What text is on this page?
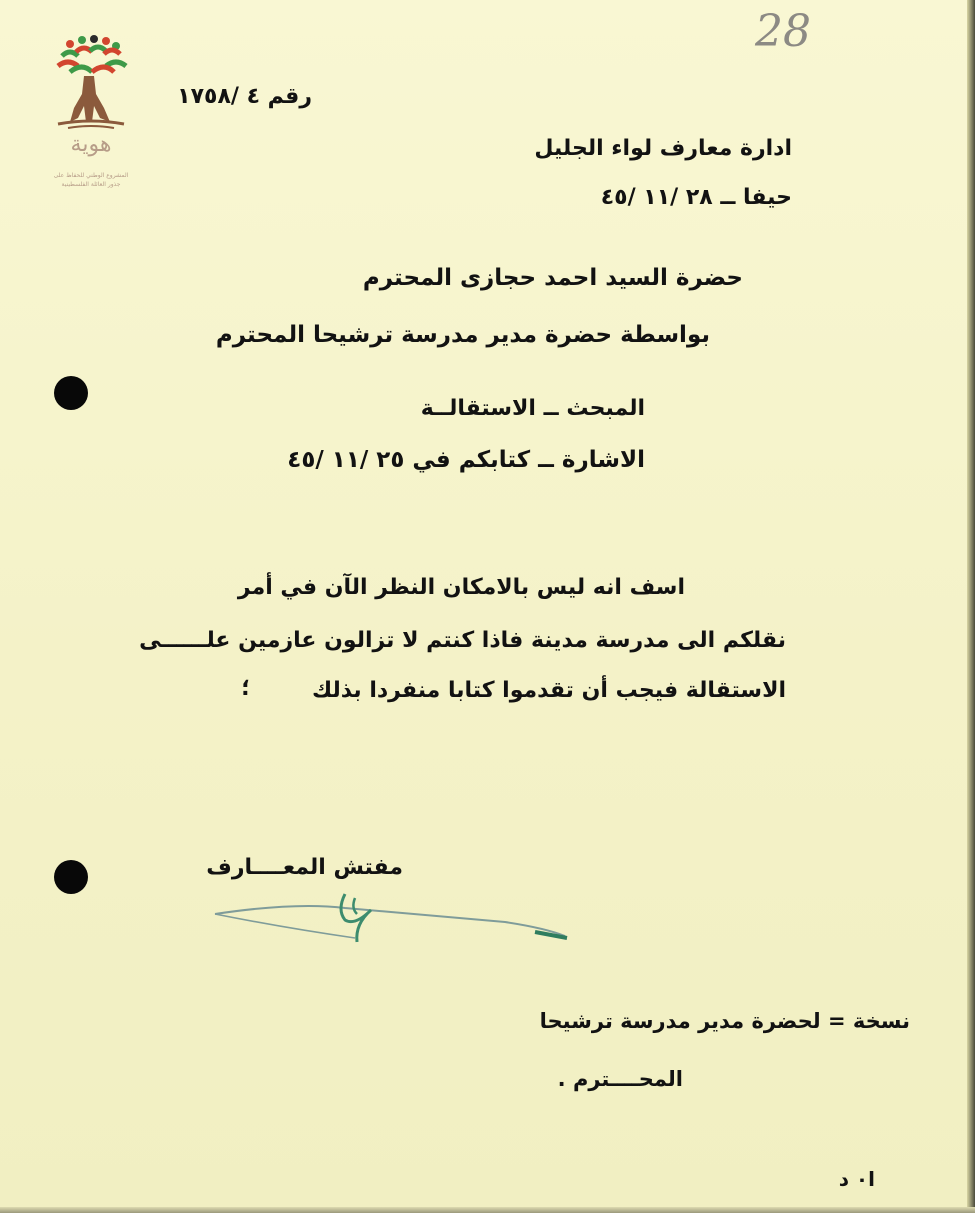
هوية
المشروع الوطني للحفاظ على
جذور العائلة الفلسطينية
28
رقم ٤ /١٧٥٨
ادارة معارف لواء الجليل
حيفا ــ ٢٨ /١١ /٤٥
حضرة السيد احمد حجازى المحترم
بواسطة حضرة مدير مدرسة ترشيحا المحترم
المبحث ــ الاستقالــة
الاشارة ــ كتابكم في ٢٥ /١١ /٤٥
اسف انه ليس بالامكان النظر الآن في أمر
نقلكم الى مدرسة مدينة فاذا كنتم لا تزالون عازمين علــــــى
الاستقالة فيجب أن تقدموا كتابا منفردا بذلك
؛
مفتش المعــــارف
نسخة = لحضرة مدير مدرسة ترشيحا
المحــــترم .
ا٠ د
